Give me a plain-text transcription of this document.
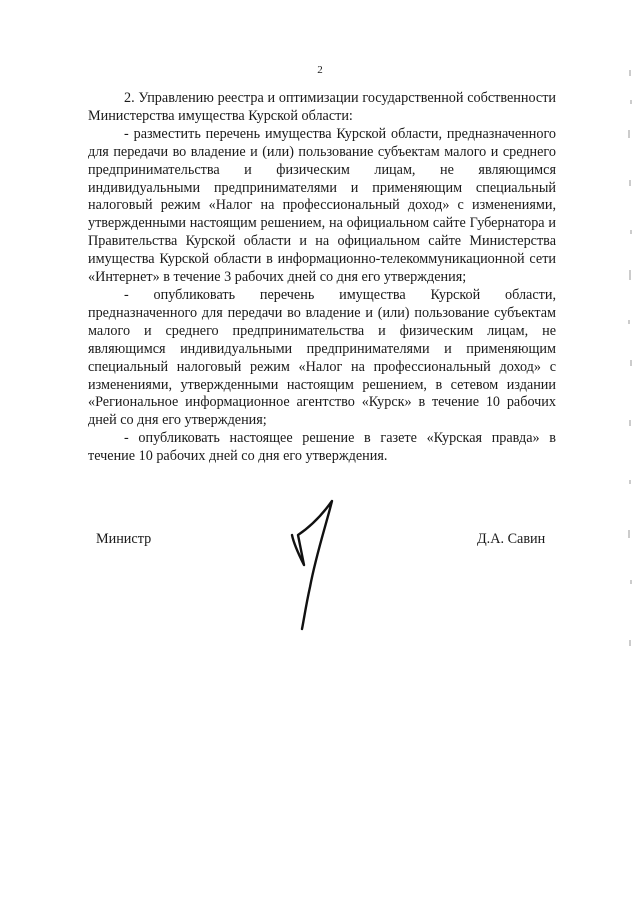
2

2. Управлению реестра и оптимизации государственной собственности Министерства имущества Курской области:

- разместить перечень имущества Курской области, предназначенного для передачи во владение и (или) пользование субъектам малого и среднего предпринимательства и физическим лицам, не являющимся индивидуальными предпринимателями и применяющим специальный налоговый режим «Налог на профессиональный доход» с изменениями, утвержденными настоящим решением, на официальном сайте Губернатора и Правительства Курской области и на официальном сайте Министерства имущества Курской области в информационно-телекоммуникационной сети «Интернет» в течение 3 рабочих дней со дня его утверждения;

- опубликовать перечень имущества Курской области, предназначенного для передачи во владение и (или) пользование субъектам малого и среднего предпринимательства и физическим лицам, не являющимся индивидуальными предпринимателями и применяющим специальный налоговый режим «Налог на профессиональный доход» с изменениями, утвержденными настоящим решением, в сетевом издании «Региональное информационное агентство «Курск» в течение 10 рабочих дней со дня его утверждения;

- опубликовать настоящее решение в газете «Курская правда» в течение 10 рабочих дней со дня его утверждения.

Министр	Д.А. Савин
